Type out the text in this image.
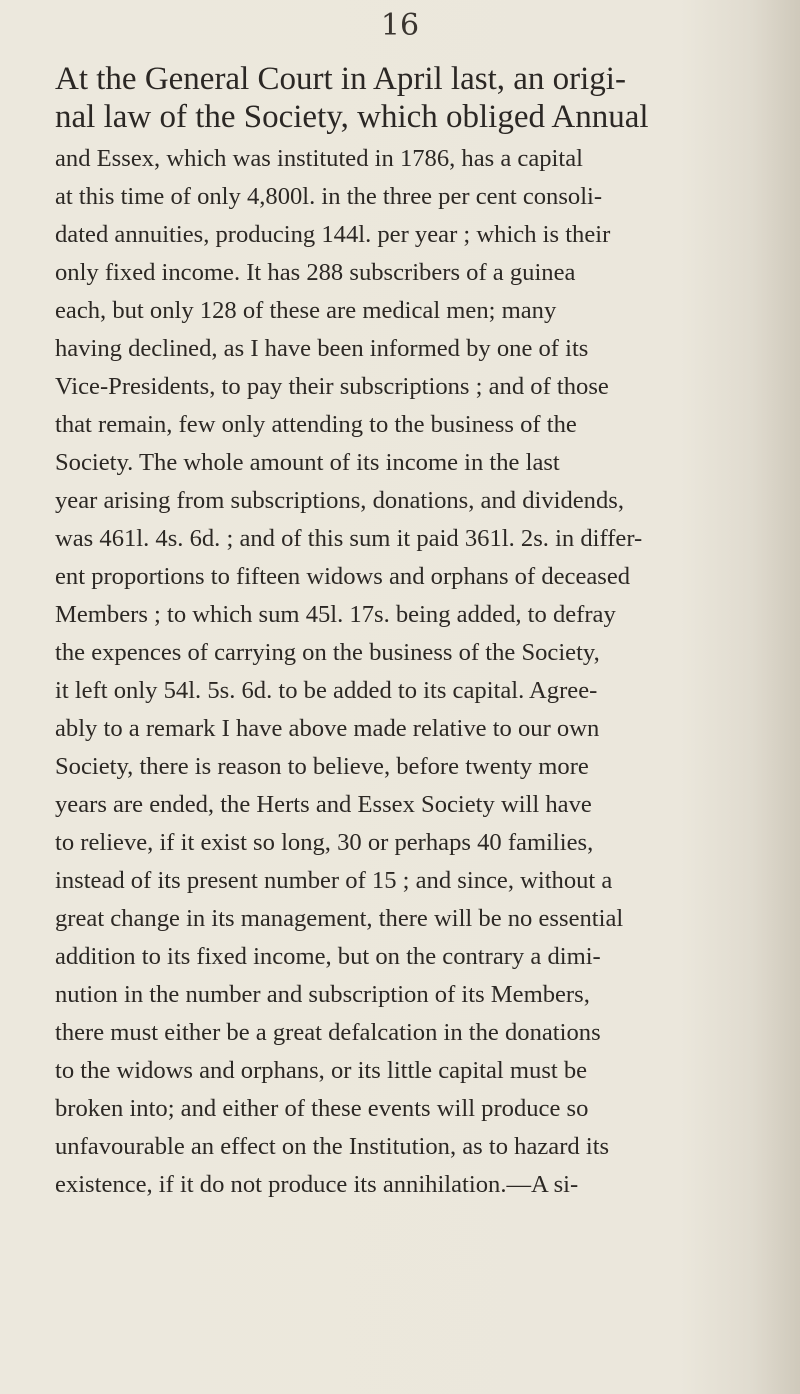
16
At the General Court in April last, an origi-
nal law of the Society, which obliged Annual
and Essex, which was instituted in 1786, has a capital
at this time of only 4,800l. in the three per cent consoli-
dated annuities, producing 144l. per year ; which is their
only fixed income. It has 288 subscribers of a guinea
each, but only 128 of these are medical men; many
having declined, as I have been informed by one of its
Vice-Presidents, to pay their subscriptions ; and of those
that remain, few only attending to the business of the
Society. The whole amount of its income in the last
year arising from subscriptions, donations, and dividends,
was 461l. 4s. 6d. ; and of this sum it paid 361l. 2s. in differ-
ent proportions to fifteen widows and orphans of deceased
Members ; to which sum 45l. 17s. being added, to defray
the expences of carrying on the business of the Society,
it left only 54l. 5s. 6d. to be added to its capital. Agree-
ably to a remark I have above made relative to our own
Society, there is reason to believe, before twenty more
years are ended, the Herts and Essex Society will have
to relieve, if it exist so long, 30 or perhaps 40 families,
instead of its present number of 15 ; and since, without a
great change in its management, there will be no essential
addition to its fixed income, but on the contrary a dimi-
nution in the number and subscription of its Members,
there must either be a great defalcation in the donations
to the widows and orphans, or its little capital must be
broken into; and either of these events will produce so
unfavourable an effect on the Institution, as to hazard its
existence, if it do not produce its annihilation.—A si-
